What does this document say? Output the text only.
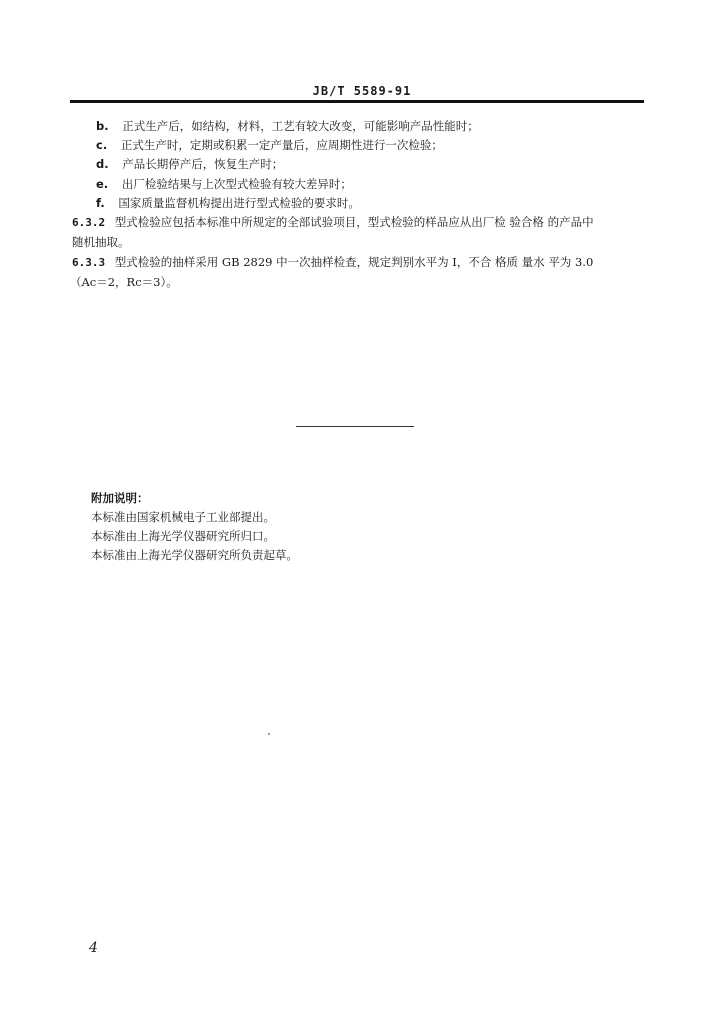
JB/T 5589-91
b. 正式生产后，如结构，材料，工艺有较大改变，可能影响产品性能时；
c. 正式生产时，定期或积累一定产量后，应周期性进行一次检验；
d. 产品长期停产后，恢复生产时；
e. 出厂检验结果与上次型式检验有较大差异时；
f. 国家质量监督机构提出进行型式检验的要求时。
6.3.2 型式检验应包括本标准中所规定的全部试验项目，型式检验的样品应从出厂检 验合格 的产品中
随机抽取。
6.3.3 型式检验的抽样采用 GB 2829 中一次抽样检查，规定判别水平为 Ⅰ，不合 格质 量水 平为 3.0
（Ac＝2，Rc＝3）。
附加说明：
本标准由国家机械电子工业部提出。
本标准由上海光学仪器研究所归口。
本标准由上海光学仪器研究所负责起草。
4
